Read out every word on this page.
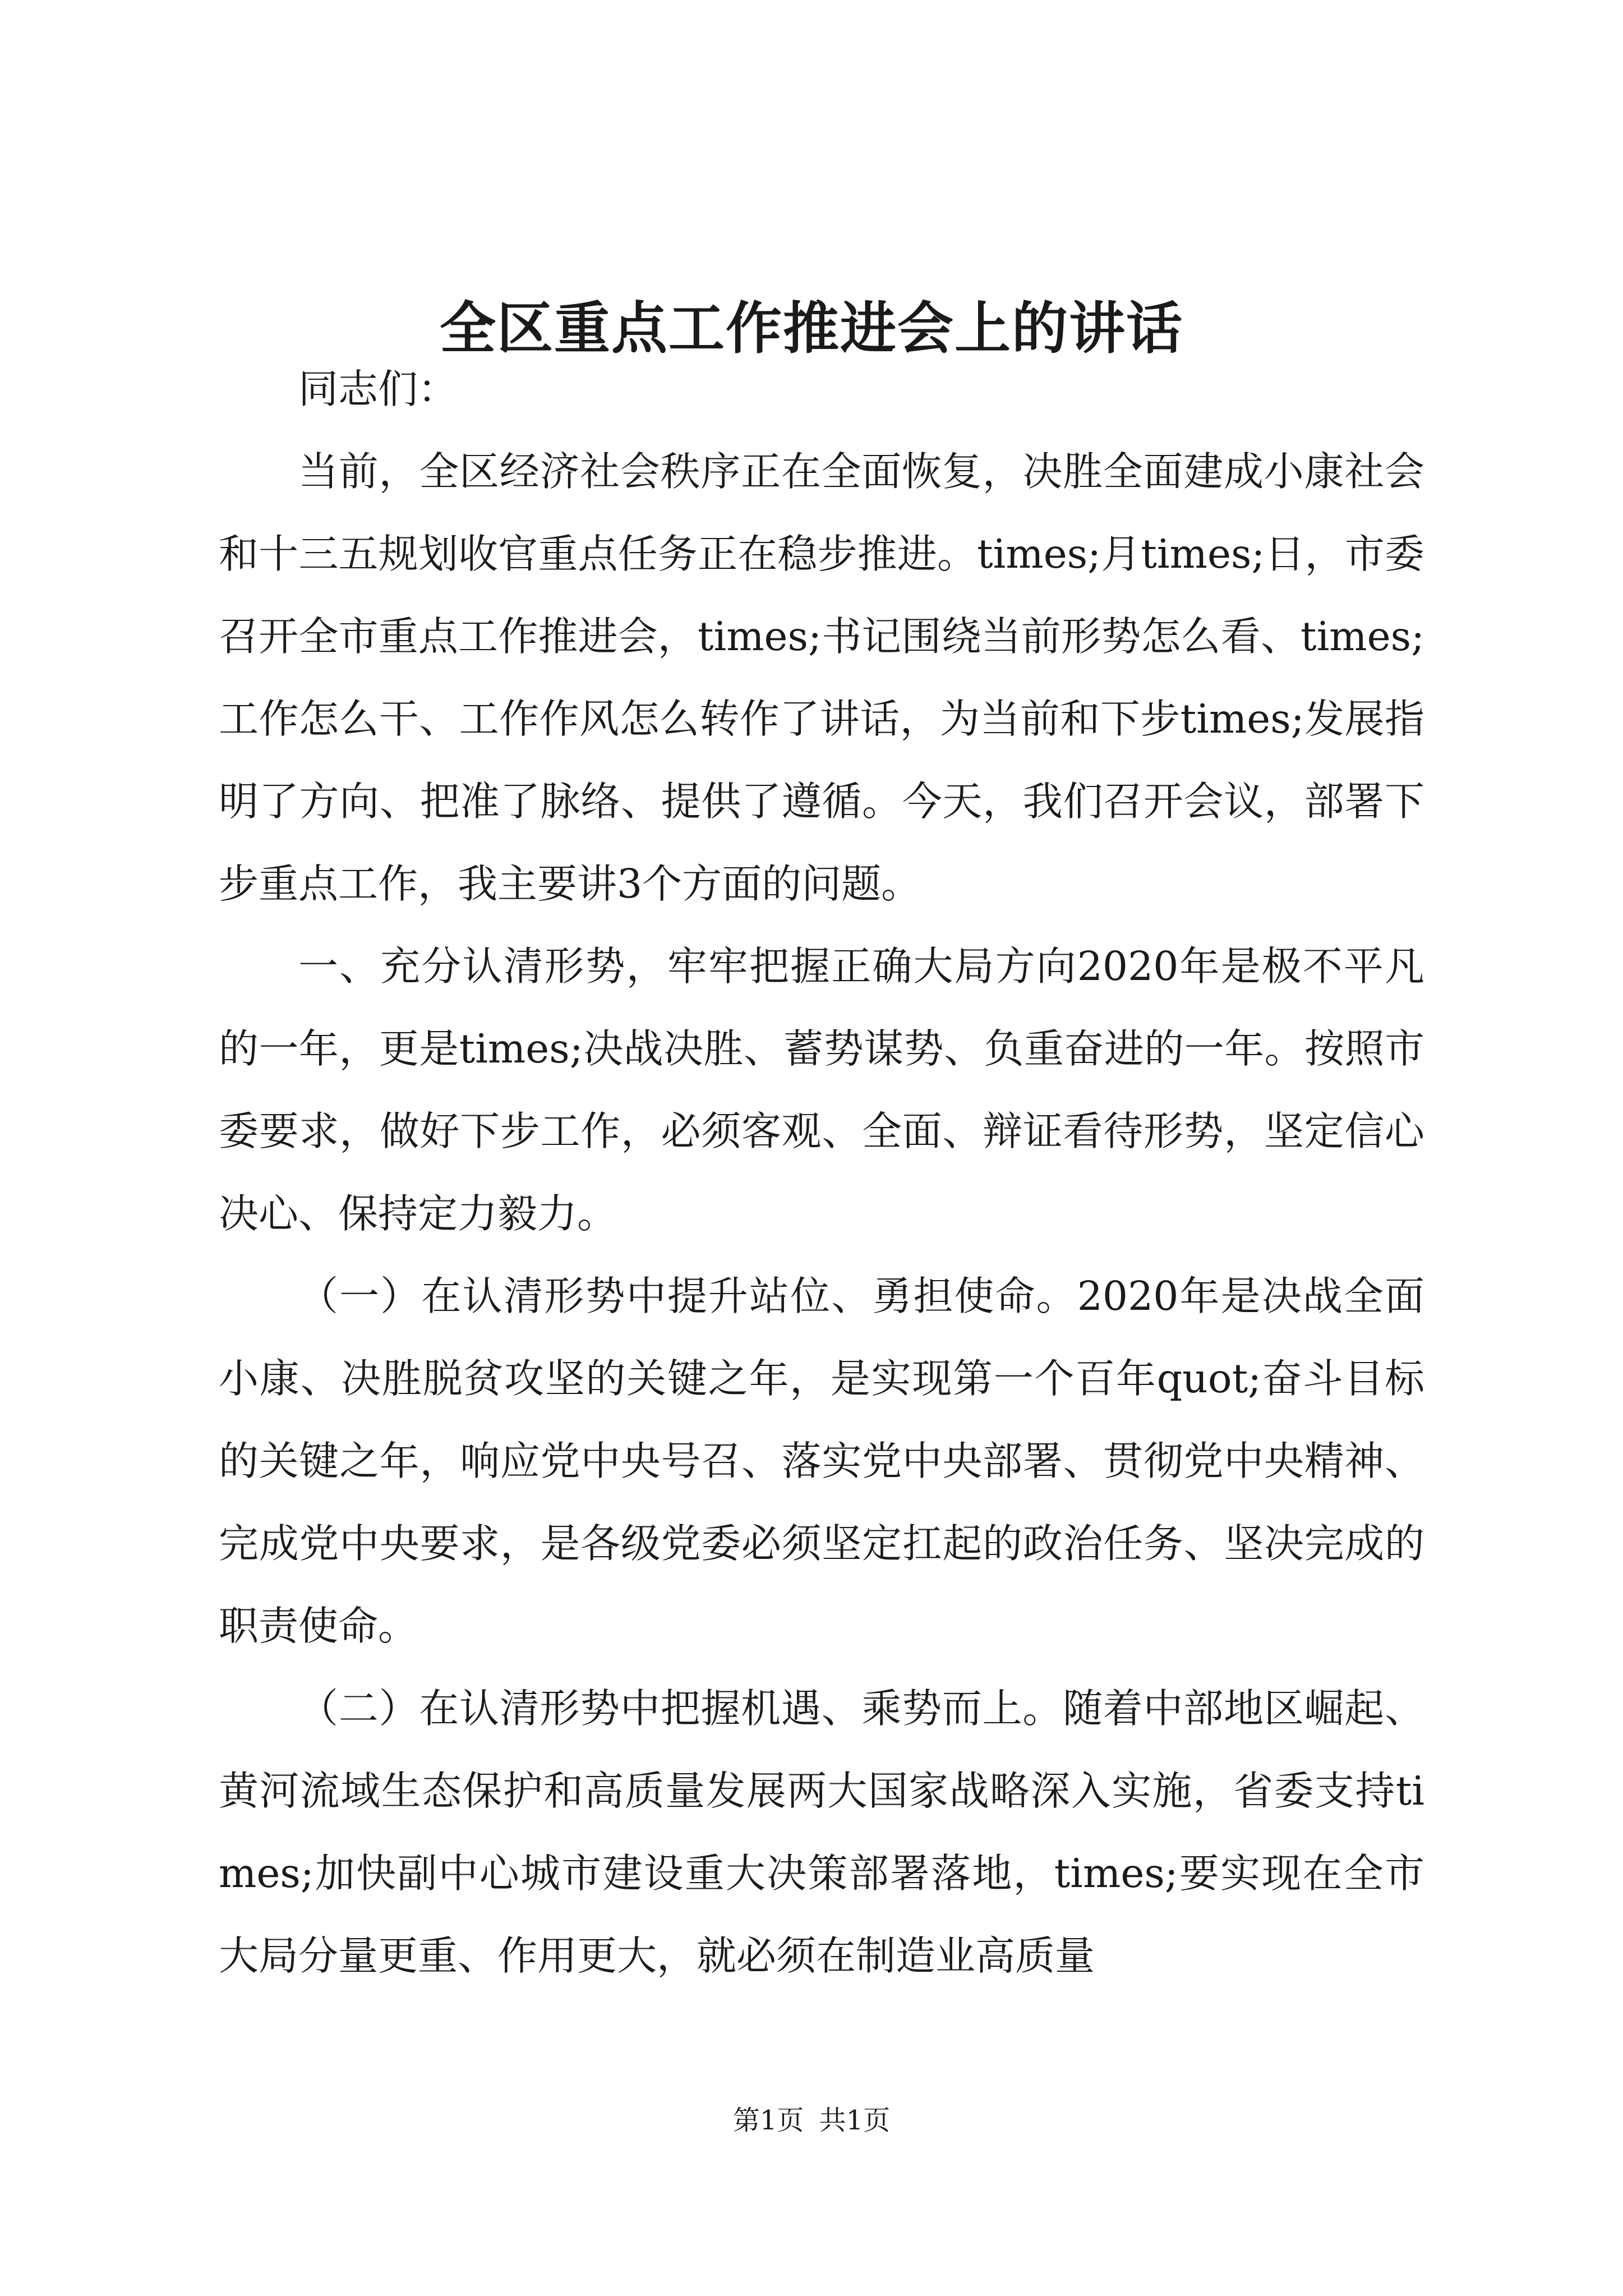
全区重点工作推进会上的讲话

同志们：

当前，全区经济社会秩序正在全面恢复，决胜全面建成小康社会和十三五规划收官重点任务正在稳步推进。times;月times;日，市委召开全市重点工作推进会，times;书记围绕当前形势怎么看、times;工作怎么干、工作作风怎么转作了讲话，为当前和下步times;发展指明了方向、把准了脉络、提供了遵循。今天，我们召开会议，部署下步重点工作，我主要讲3个方面的问题。

一、充分认清形势，牢牢把握正确大局方向2020年是极不平凡的一年，更是times;决战决胜、蓄势谋势、负重奋进的一年。按照市委要求，做好下步工作，必须客观、全面、辩证看待形势，坚定信心决心、保持定力毅力。

（一）在认清形势中提升站位、勇担使命。2020年是决战全面小康、决胜脱贫攻坚的关键之年，是实现第一个百年quot;奋斗目标的关键之年，响应党中央号召、落实党中央部署、贯彻党中央精神、完成党中央要求，是各级党委必须坚定扛起的政治任务、坚决完成的职责使命。

（二）在认清形势中把握机遇、乘势而上。随着中部地区崛起、黄河流域生态保护和高质量发展两大国家战略深入实施，省委支持times;加快副中心城市建设重大决策部署落地，times;要实现在全市大局分量更重、作用更大，就必须在制造业高质量

第1页 共1页
